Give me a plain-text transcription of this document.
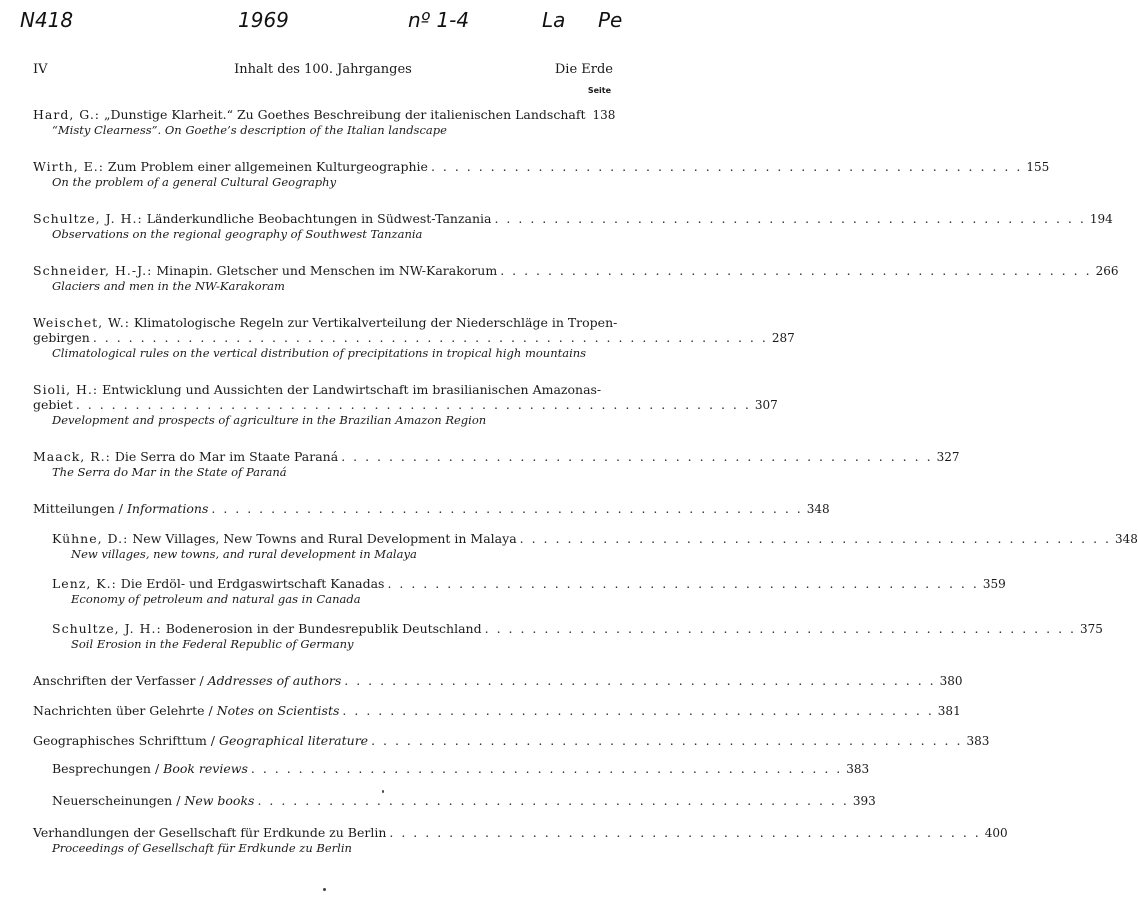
N418	1969	nº 1-4	La Pe
Inhalt des 100. Jahrganges
IV	Die Erde
Seite
Hard, G.: „Dunstige Klarheit.“ Zu Goethes Beschreibung der italienischen Landschaft 138
“Misty Clearness”. On Goethe’s description of the Italian landscape
Wirth, E.: Zum Problem einer allgemeinen Kulturgeographie . . . . . . . . . . . . . . . . . . . . . . . . . . . . . . . . . . . . . . . . . . . . . . . . . . 155
On the problem of a general Cultural Geography
Schultze, J. H.: Länderkundliche Beobachtungen in Südwest-Tanzania . . . . . . . . . . . . . . . . . . . . . . . . . . . . . . . . . . . . . . . . . . . . . . . . . . 194
Observations on the regional geography of Southwest Tanzania
Schneider, H.-J.: Minapin. Gletscher und Menschen im NW-Karakorum . . . . . . . . . . . . . . . . . . . . . . . . . . . . . . . . . . . . . . . . . . . . . . . . . . 266
Glaciers and men in the NW-Karakoram
Weischet, W.: Klimatologische Regeln zur Vertikalverteilung der Niederschläge in Tropen-
gebirgen . . . . . . . . . . . . . . . . . . . . . . . . . . . . . . . . . . . . . . . . . . . . . . . . . . . . . . . . . 287
Climatological rules on the vertical distribution of precipitations in tropical high mountains
Sioli, H.: Entwicklung und Aussichten der Landwirtschaft im brasilianischen Amazonas-
gebiet . . . . . . . . . . . . . . . . . . . . . . . . . . . . . . . . . . . . . . . . . . . . . . . . . . . . . . . . . 307
Development and prospects of agriculture in the Brazilian Amazon Region
Maack, R.: Die Serra do Mar im Staate Paraná . . . . . . . . . . . . . . . . . . . . . . . . . . . . . . . . . . . . . . . . . . . . . . . . . . 327
The Serra do Mar in the State of Paraná
Mitteilungen / Informations . . . . . . . . . . . . . . . . . . . . . . . . . . . . . . . . . . . . . . . . . . . . . . . . . . 348
Kühne, D.: New Villages, New Towns and Rural Development in Malaya . . . . . . . . . . . . . . . . . . . . . . . . . . . . . . . . . . . . . . . . . . . . . . . . . . 348
New villages, new towns, and rural development in Malaya
Lenz, K.: Die Erdöl- und Erdgaswirtschaft Kanadas . . . . . . . . . . . . . . . . . . . . . . . . . . . . . . . . . . . . . . . . . . . . . . . . . . 359
Economy of petroleum and natural gas in Canada
Schultze, J. H.: Bodenerosion in der Bundesrepublik Deutschland . . . . . . . . . . . . . . . . . . . . . . . . . . . . . . . . . . . . . . . . . . . . . . . . . . 375
Soil Erosion in the Federal Republic of Germany
Anschriften der Verfasser / Addresses of authors . . . . . . . . . . . . . . . . . . . . . . . . . . . . . . . . . . . . . . . . . . . . . . . . . . 380
Nachrichten über Gelehrte / Notes on Scientists . . . . . . . . . . . . . . . . . . . . . . . . . . . . . . . . . . . . . . . . . . . . . . . . . . 381
Geographisches Schrifttum / Geographical literature . . . . . . . . . . . . . . . . . . . . . . . . . . . . . . . . . . . . . . . . . . . . . . . . . . 383
Besprechungen / Book reviews . . . . . . . . . . . . . . . . . . . . . . . . . . . . . . . . . . . . . . . . . . . . . . . . . . 383
Neuerscheinungen / New books . . . . . . . . . . . . . . . . . . . . . . . . . . . . . . . . . . . . . . . . . . . . . . . . . . 393
Verhandlungen der Gesellschaft für Erdkunde zu Berlin . . . . . . . . . . . . . . . . . . . . . . . . . . . . . . . . . . . . . . . . . . . . . . . . . . 400
Proceedings of Gesellschaft für Erdkunde zu Berlin
